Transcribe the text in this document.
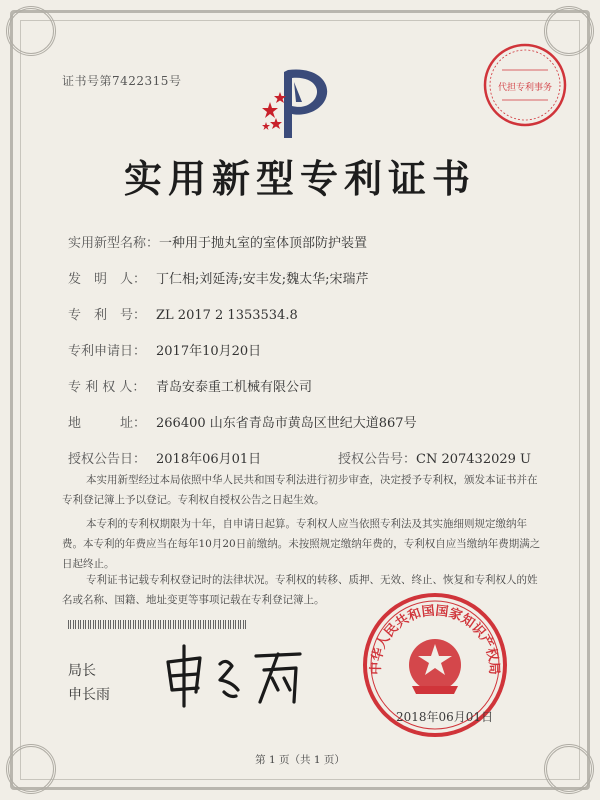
证书号第7422315号	代担专利事务
实用新型专利证书
实用新型名称：一种用于抛丸室的室体顶部防护装置
发　明　人： 丁仁相;刘延涛;安丰发;魏太华;宋瑞芹
专　利　号： ZL 2017 2 1353534.8
专利申请日： 2017年10月20日
专 利 权 人： 青岛安泰重工机械有限公司
地　　　址： 266400 山东省青岛市黄岛区世纪大道867号
授权公告日： 2018年06月01日	授权公告号：CN 207432029 U
本实用新型经过本局依照中华人民共和国专利法进行初步审查，决定授予专利权，颁发本证书并在专利登记簿上予以登记。专利权自授权公告之日起生效。
本专利的专利权期限为十年，自申请日起算。专利权人应当依照专利法及其实施细则规定缴纳年费。本专利的年费应当在每年10月20日前缴纳。未按照规定缴纳年费的，专利权自应当缴纳年费期满之日起终止。
专利证书记载专利权登记时的法律状况。专利权的转移、质押、无效、终止、恢复和专利权人的姓名或名称、国籍、地址变更等事项记载在专利登记簿上。
局长
申长雨
中华人民共和国国家知识产权局
2018年06月01日
第 1 页（共 1 页）
